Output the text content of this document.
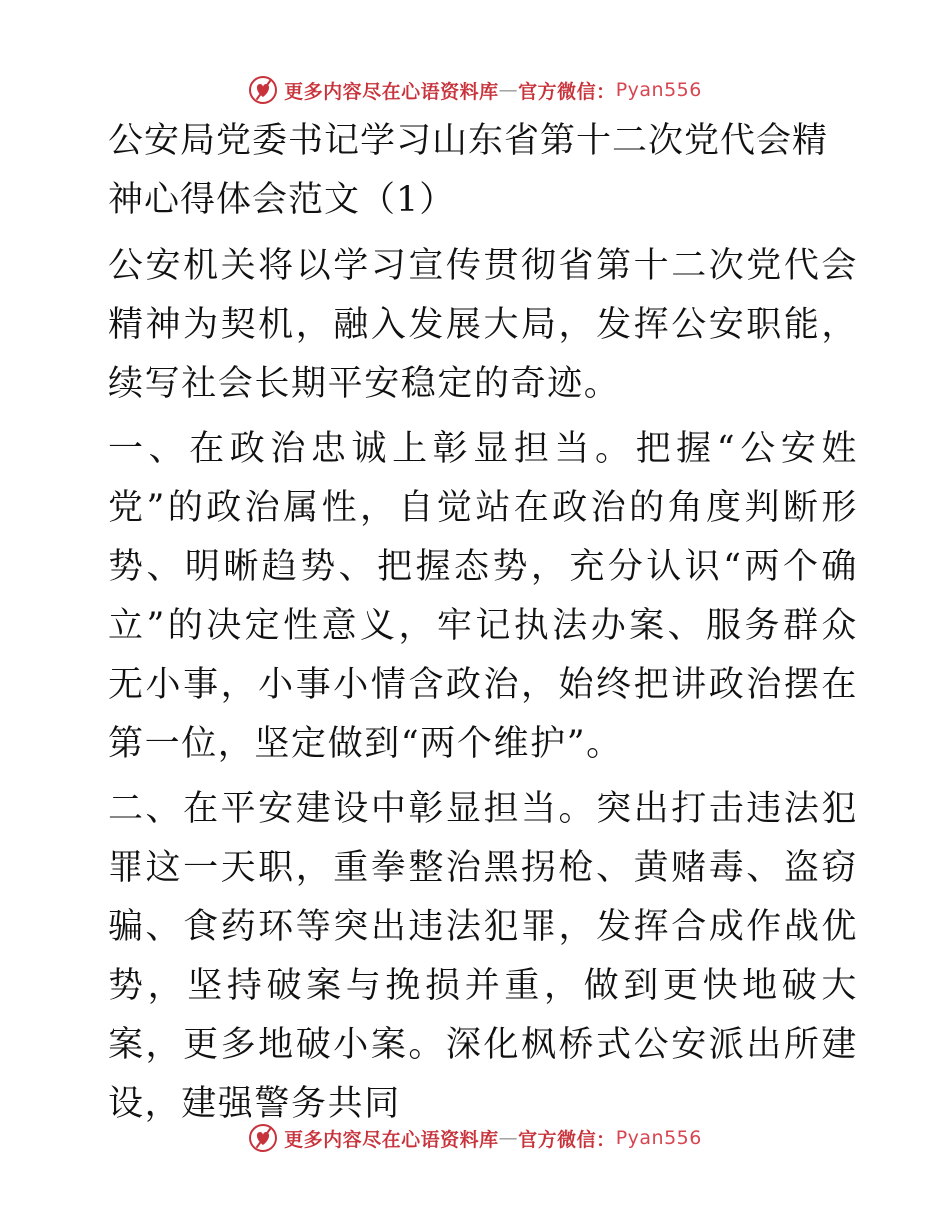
更多内容尽在心语资料库 — 官方微信： Pyan556

公安局党委书记学习山东省第十二次党代会精神心得体会范文（1）

公安机关将以学习宣传贯彻省第十二次党代会精神为契机，融入发展大局，发挥公安职能，续写社会长期平安稳定的奇迹。

一、在政治忠诚上彰显担当。把握“公安姓党”的政治属性，自觉站在政治的角度判断形势、明晰趋势、把握态势，充分认识“两个确立”的决定性意义，牢记执法办案、服务群众无小事，小事小情含政治，始终把讲政治摆在第一位，坚定做到“两个维护”。

二、在平安建设中彰显担当。突出打击违法犯罪这一天职，重拳整治黑拐枪、黄赌毒、盗窃骗、食药环等突出违法犯罪，发挥合成作战优势，坚持破案与挽损并重，做到更快地破大案，更多地破小案。深化枫桥式公安派出所建设，建强警务共同

更多内容尽在心语资料库 — 官方微信： Pyan556
